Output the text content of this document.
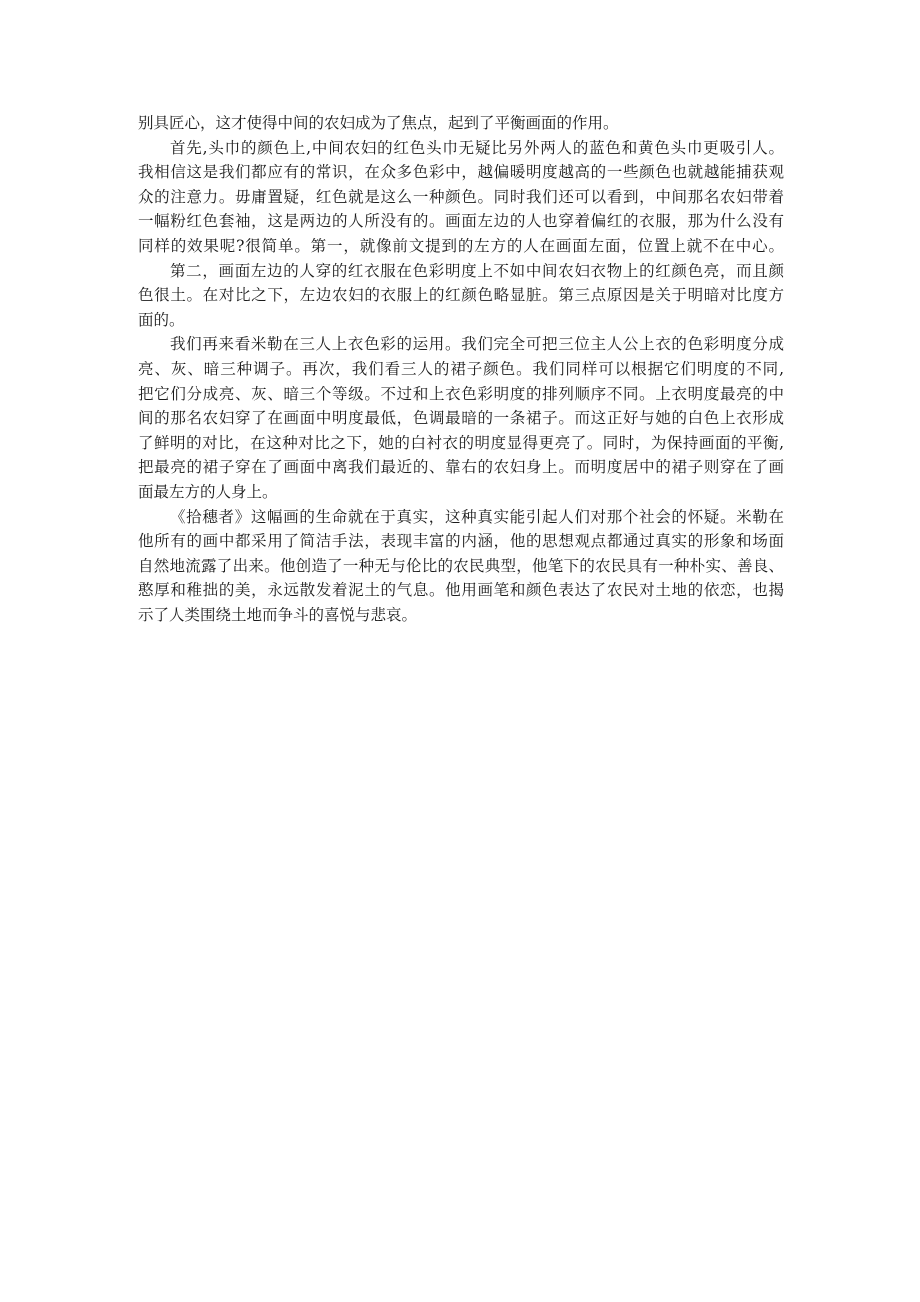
别具匠心，这才使得中间的农妇成为了焦点，起到了平衡画面的作用。
首先,头巾的颜色上,中间农妇的红色头巾无疑比另外两人的蓝色和黄色头巾更吸引人。
我相信这是我们都应有的常识，在众多色彩中，越偏暖明度越高的一些颜色也就越能捕获观
众的注意力。毋庸置疑，红色就是这么一种颜色。同时我们还可以看到，中间那名农妇带着
一幅粉红色套袖，这是两边的人所没有的。画面左边的人也穿着偏红的衣服，那为什么没有
同样的效果呢?很简单。第一，就像前文提到的左方的人在画面左面，位置上就不在中心。
第二，画面左边的人穿的红衣服在色彩明度上不如中间农妇衣物上的红颜色亮，而且颜
色很土。在对比之下，左边农妇的衣服上的红颜色略显脏。第三点原因是关于明暗对比度方
面的。
我们再来看米勒在三人上衣色彩的运用。我们完全可把三位主人公上衣的色彩明度分成
亮、灰、暗三种调子。再次，我们看三人的裙子颜色。我们同样可以根据它们明度的不同,
把它们分成亮、灰、暗三个等级。不过和上衣色彩明度的排列顺序不同。上衣明度最亮的中
间的那名农妇穿了在画面中明度最低，色调最暗的一条裙子。而这正好与她的白色上衣形成
了鲜明的对比，在这种对比之下，她的白衬衣的明度显得更亮了。同时，为保持画面的平衡,
把最亮的裙子穿在了画面中离我们最近的、靠右的农妇身上。而明度居中的裙子则穿在了画
面最左方的人身上。
《拾穗者》这幅画的生命就在于真实，这种真实能引起人们对那个社会的怀疑。米勒在
他所有的画中都采用了简洁手法，表现丰富的内涵，他的思想观点都通过真实的形象和场面
自然地流露了出来。他创造了一种无与伦比的农民典型，他笔下的农民具有一种朴实、善良、
憨厚和稚拙的美，永远散发着泥土的气息。他用画笔和颜色表达了农民对土地的依恋，也揭
示了人类围绕土地而争斗的喜悦与悲哀。
